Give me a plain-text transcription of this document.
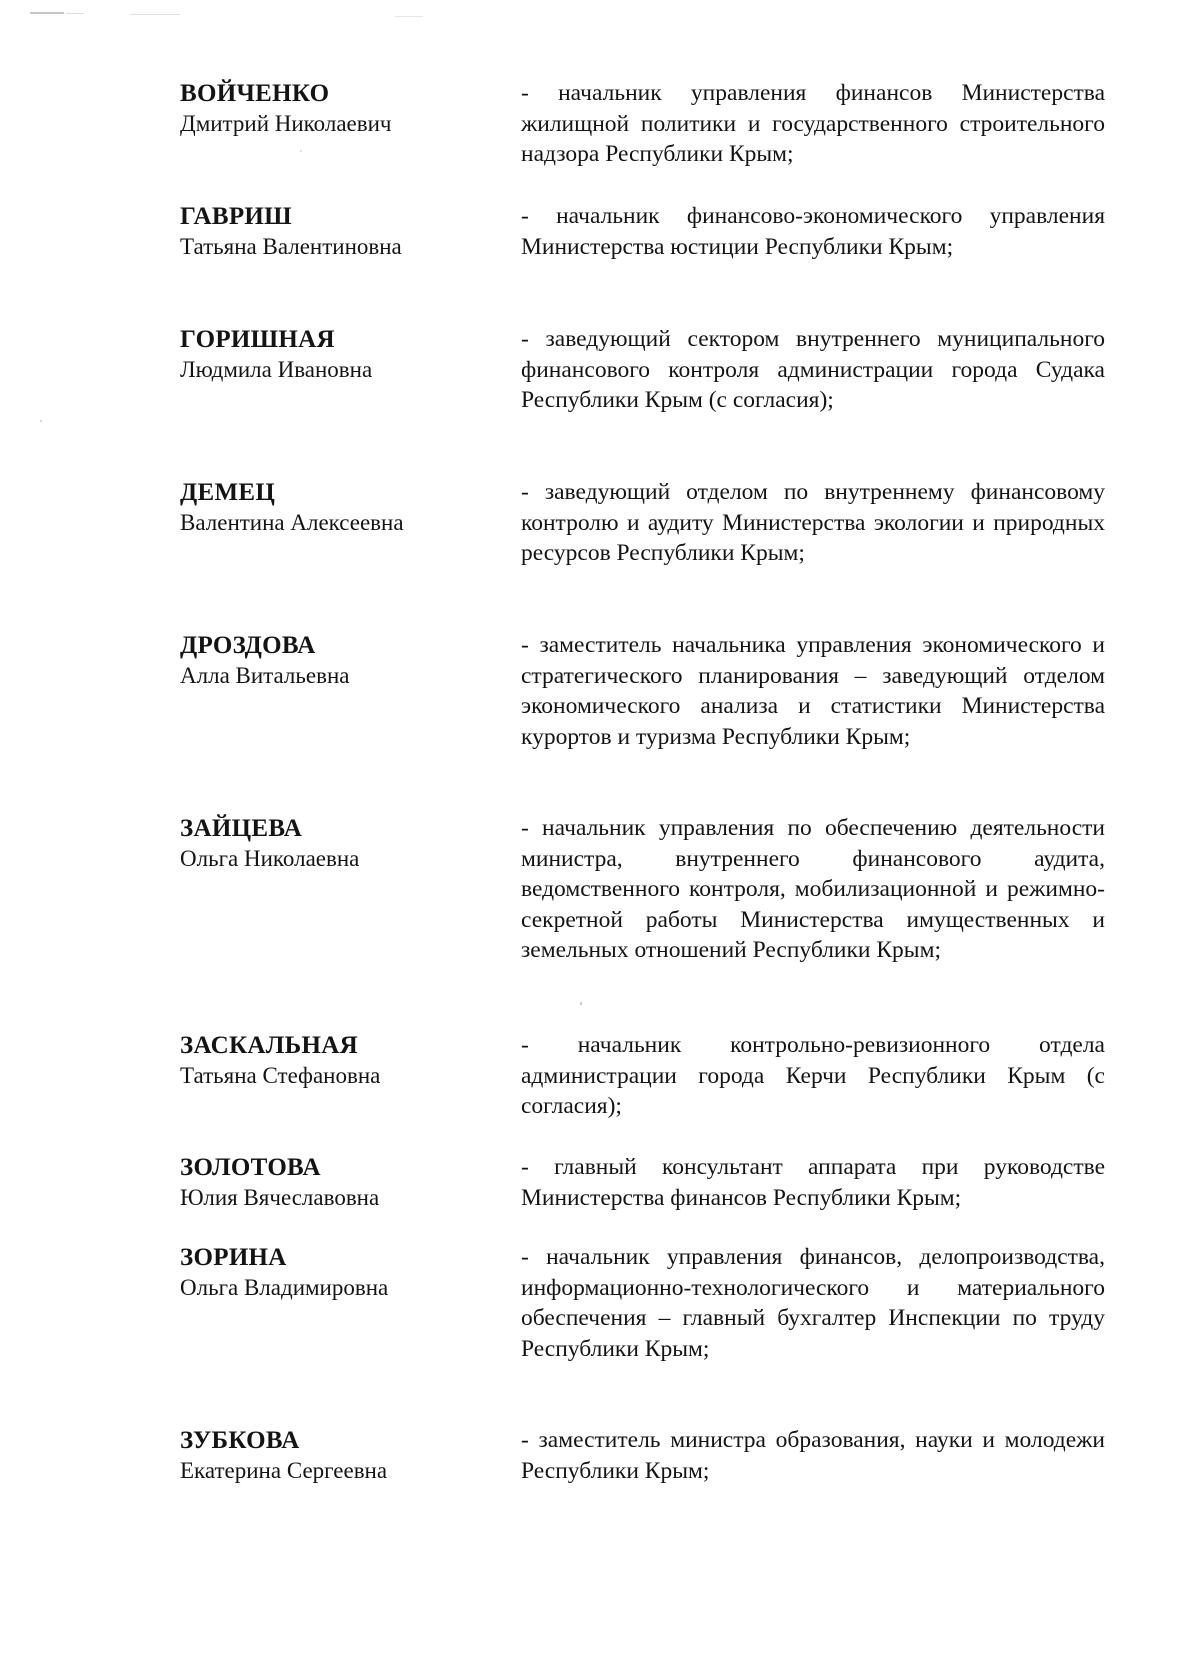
ВОЙЧЕНКО
Дмитрий Николаевич

- начальник управления финансов Министерства жилищной политики и государственного строительного надзора Республики Крым;

ГАВРИШ
Татьяна Валентиновна

- начальник финансово-экономического управления Министерства юстиции Республики Крым;

ГОРИШНАЯ
Людмила Ивановна

- заведующий сектором внутреннего муниципального финансового контроля администрации города Судака Республики Крым (с согласия);

ДЕМЕЦ
Валентина Алексеевна

- заведующий отделом по внутреннему финансовому контролю и аудиту Министерства экологии и природных ресурсов Республики Крым;

ДРОЗДОВА
Алла Витальевна

- заместитель начальника управления экономического и стратегического планирования – заведующий отделом экономического анализа и статистики Министерства курортов и туризма Республики Крым;

ЗАЙЦЕВА
Ольга Николаевна

- начальник управления по обеспечению деятельности министра, внутреннего финансового аудита, ведомственного контроля, мобилизационной и режимно-секретной работы Министерства имущественных и земельных отношений Республики Крым;

ЗАСКАЛЬНАЯ
Татьяна Стефановна

- начальник контрольно-ревизионного отдела администрации города Керчи Республики Крым (с согласия);

ЗОЛОТОВА
Юлия Вячеславовна

- главный консультант аппарата при руководстве Министерства финансов Республики Крым;

ЗОРИНА
Ольга Владимировна

- начальник управления финансов, делопроизводства, информационно-технологического и материального обеспечения – главный бухгалтер Инспекции по труду Республики Крым;

ЗУБКОВА
Екатерина Сергеевна

- заместитель министра образования, науки и молодежи Республики Крым;
